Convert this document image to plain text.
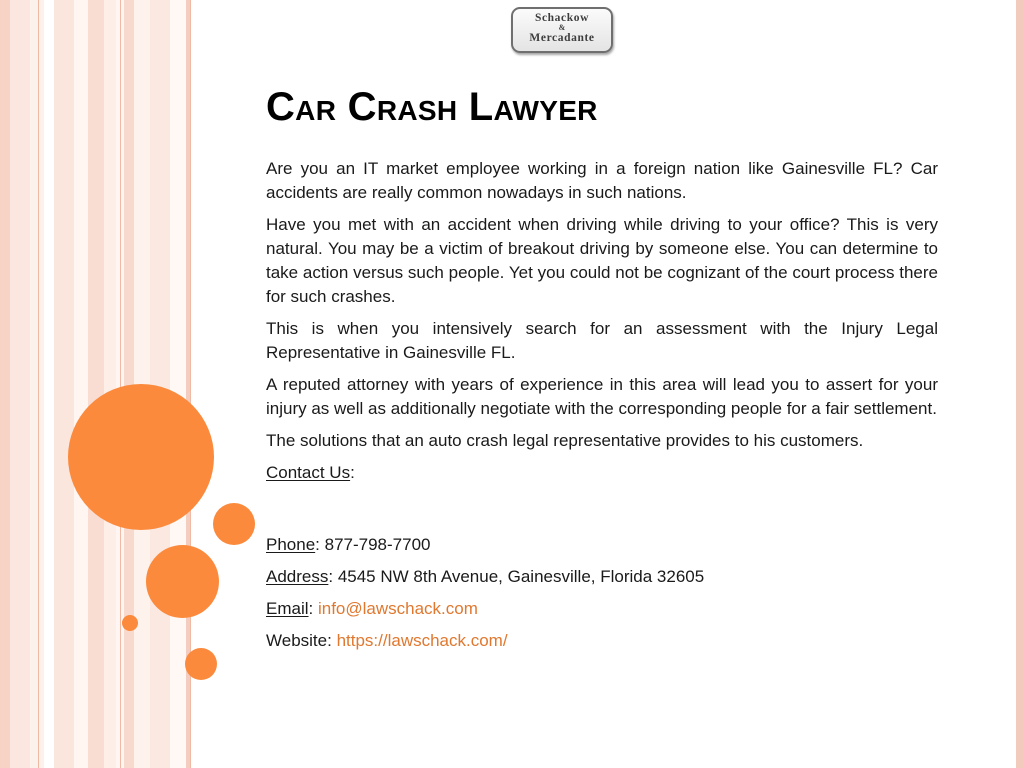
Schackow
&
Mercadante
Car Crash Lawyer

Are you an IT market employee working in a foreign nation like Gainesville FL? Car accidents are really common nowadays in such nations.

Have you met with an accident when driving while driving to your office? This is very natural. You may be a victim of breakout driving by someone else. You can determine to take action versus such people. Yet you could not be cognizant of the court process there for such crashes.

This is when you intensively search for an assessment with the Injury Legal Representative in Gainesville FL.

A reputed attorney with years of experience in this area will lead you to assert for your injury as well as additionally negotiate with the corresponding people for a fair settlement.

The solutions that an auto crash legal representative provides to his customers.

Contact Us:

Phone: 877-798-7700

Address: 4545 NW 8th Avenue, Gainesville, Florida 32605

Email: info@lawschack.com

Website: https://lawschack.com/
